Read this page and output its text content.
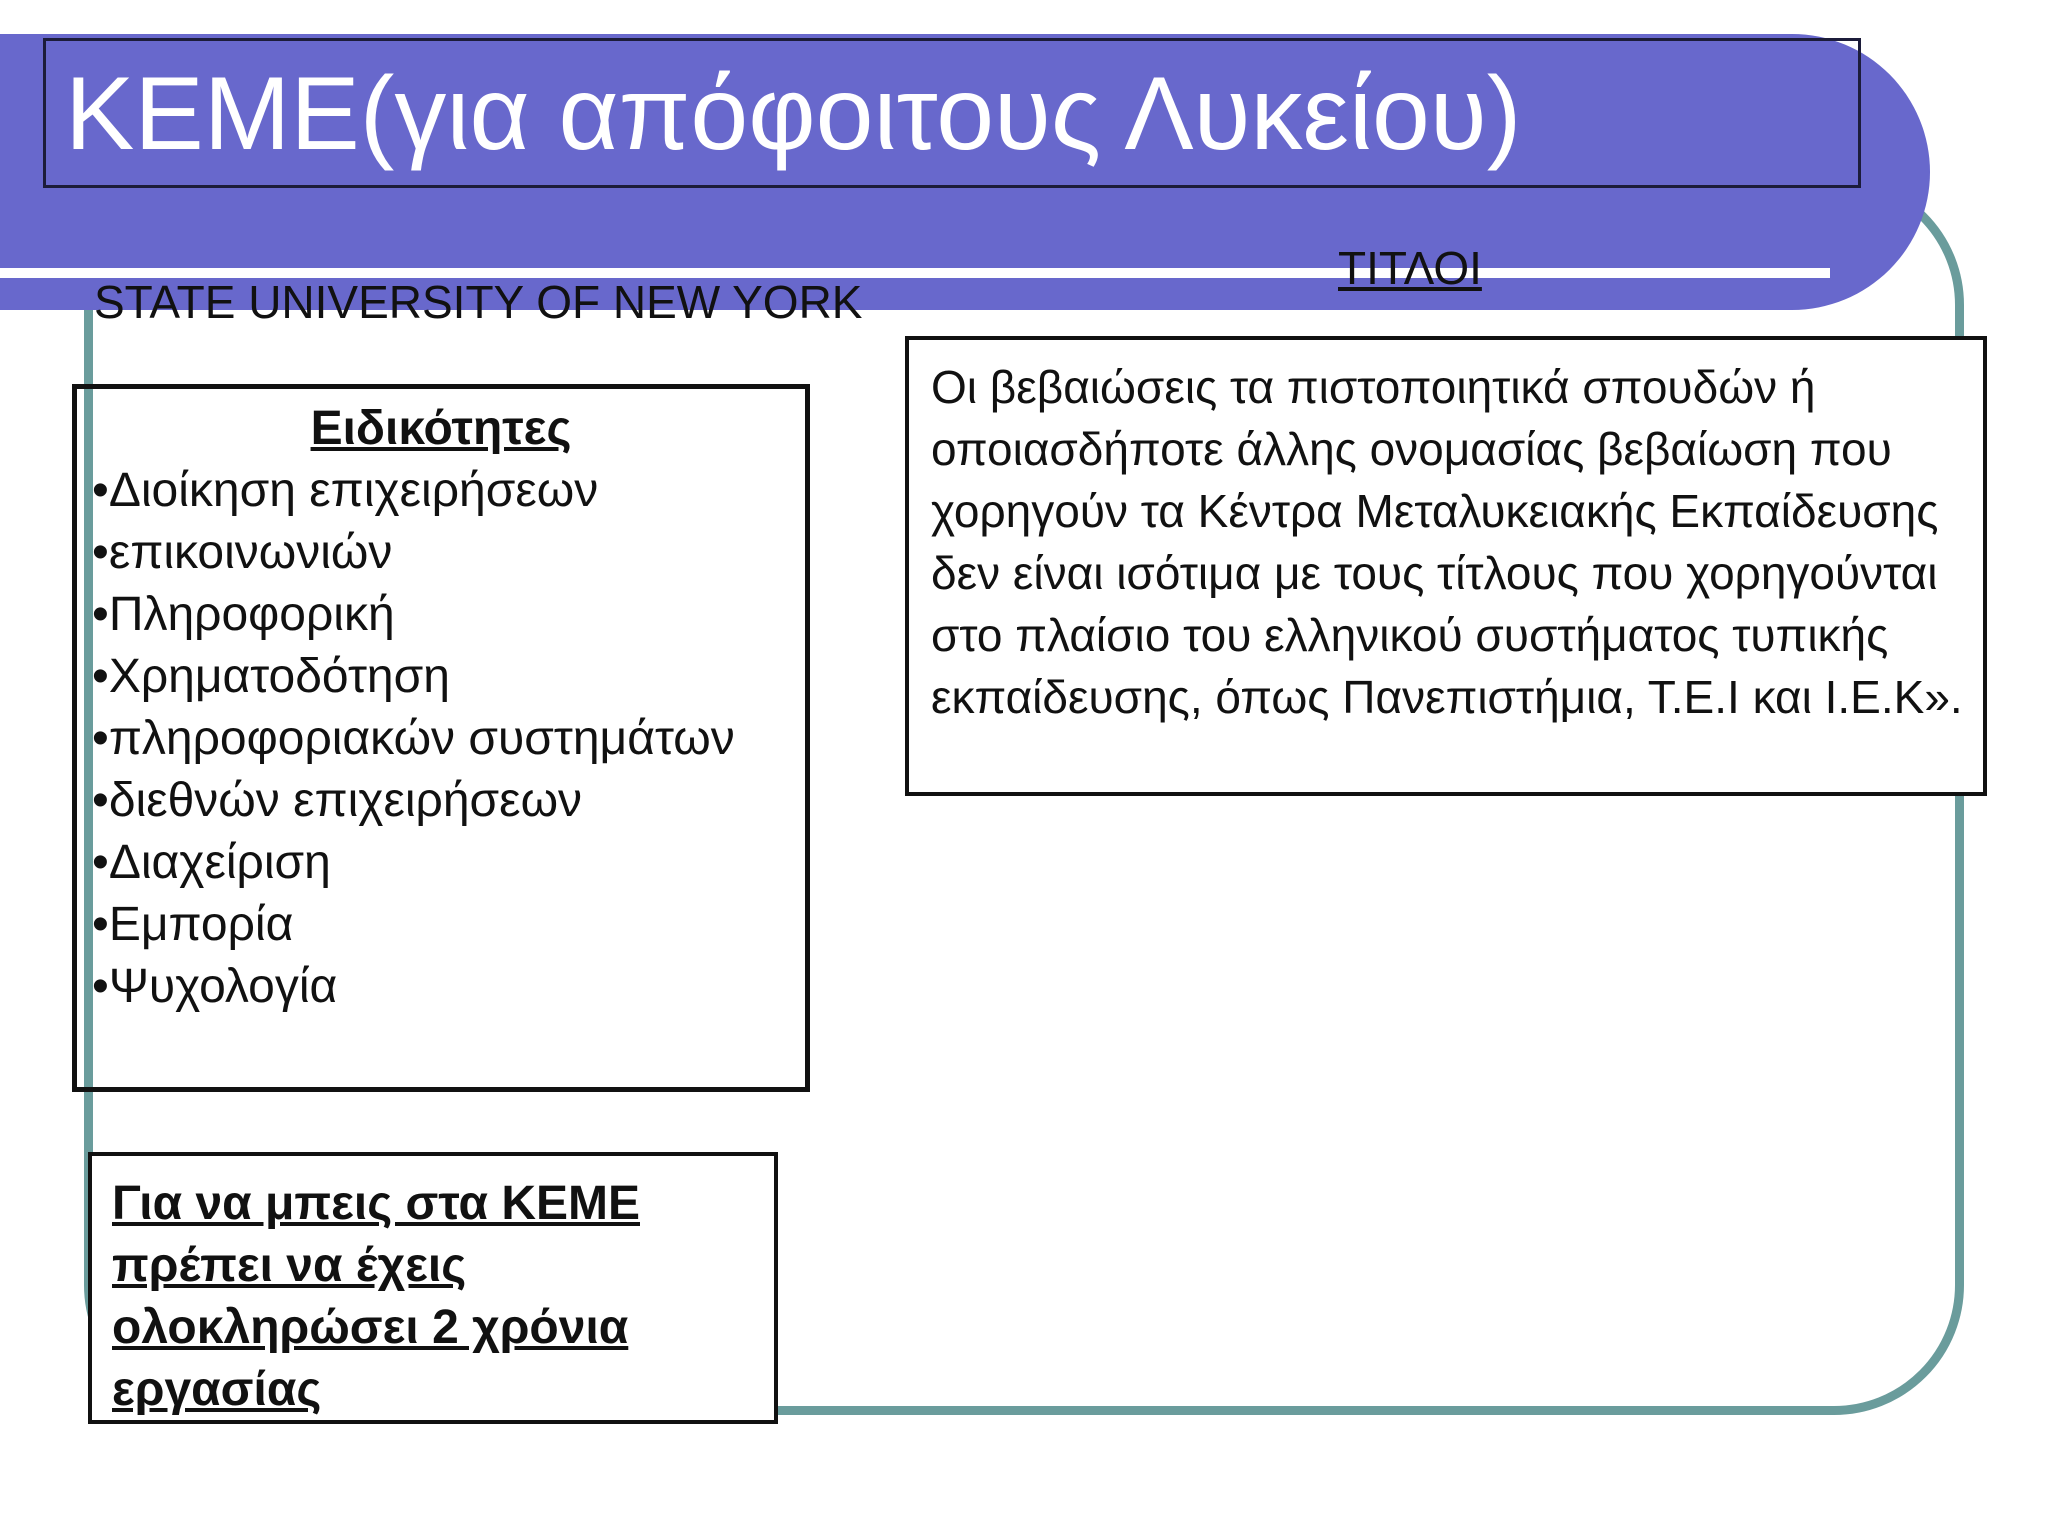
ΚΕΜΕ(για απόφοιτους Λυκείου)
STATE UNIVERSITY OF NEW YORK
ΤΙΤΛΟΙ
Ειδικότητες
• Διοίκηση επιχειρήσεων
• επικοινωνιών
• Πληροφορική
• Χρηματοδότηση
• πληροφοριακών συστημάτων
• διεθνών επιχειρήσεων
• Διαχείριση
• Εμπορία
• Ψυχολογία
Οι βεβαιώσεις τα πιστοποιητικά σπουδών ή οποιασδήποτε άλλης ονομασίας βεβαίωση που χορηγούν τα Κέντρα Μεταλυκειακής Εκπαίδευσης δεν είναι ισότιμα με τους τίτλους που χορηγούνται στο πλαίσιο του ελληνικού συστήματος τυπικής εκπαίδευσης, όπως Πανεπιστήμια, Τ.Ε.Ι και Ι.Ε.Κ».
Για να μπεις στα ΚΕΜΕ πρέπει να έχεις ολοκληρώσει 2 χρόνια εργασίας
